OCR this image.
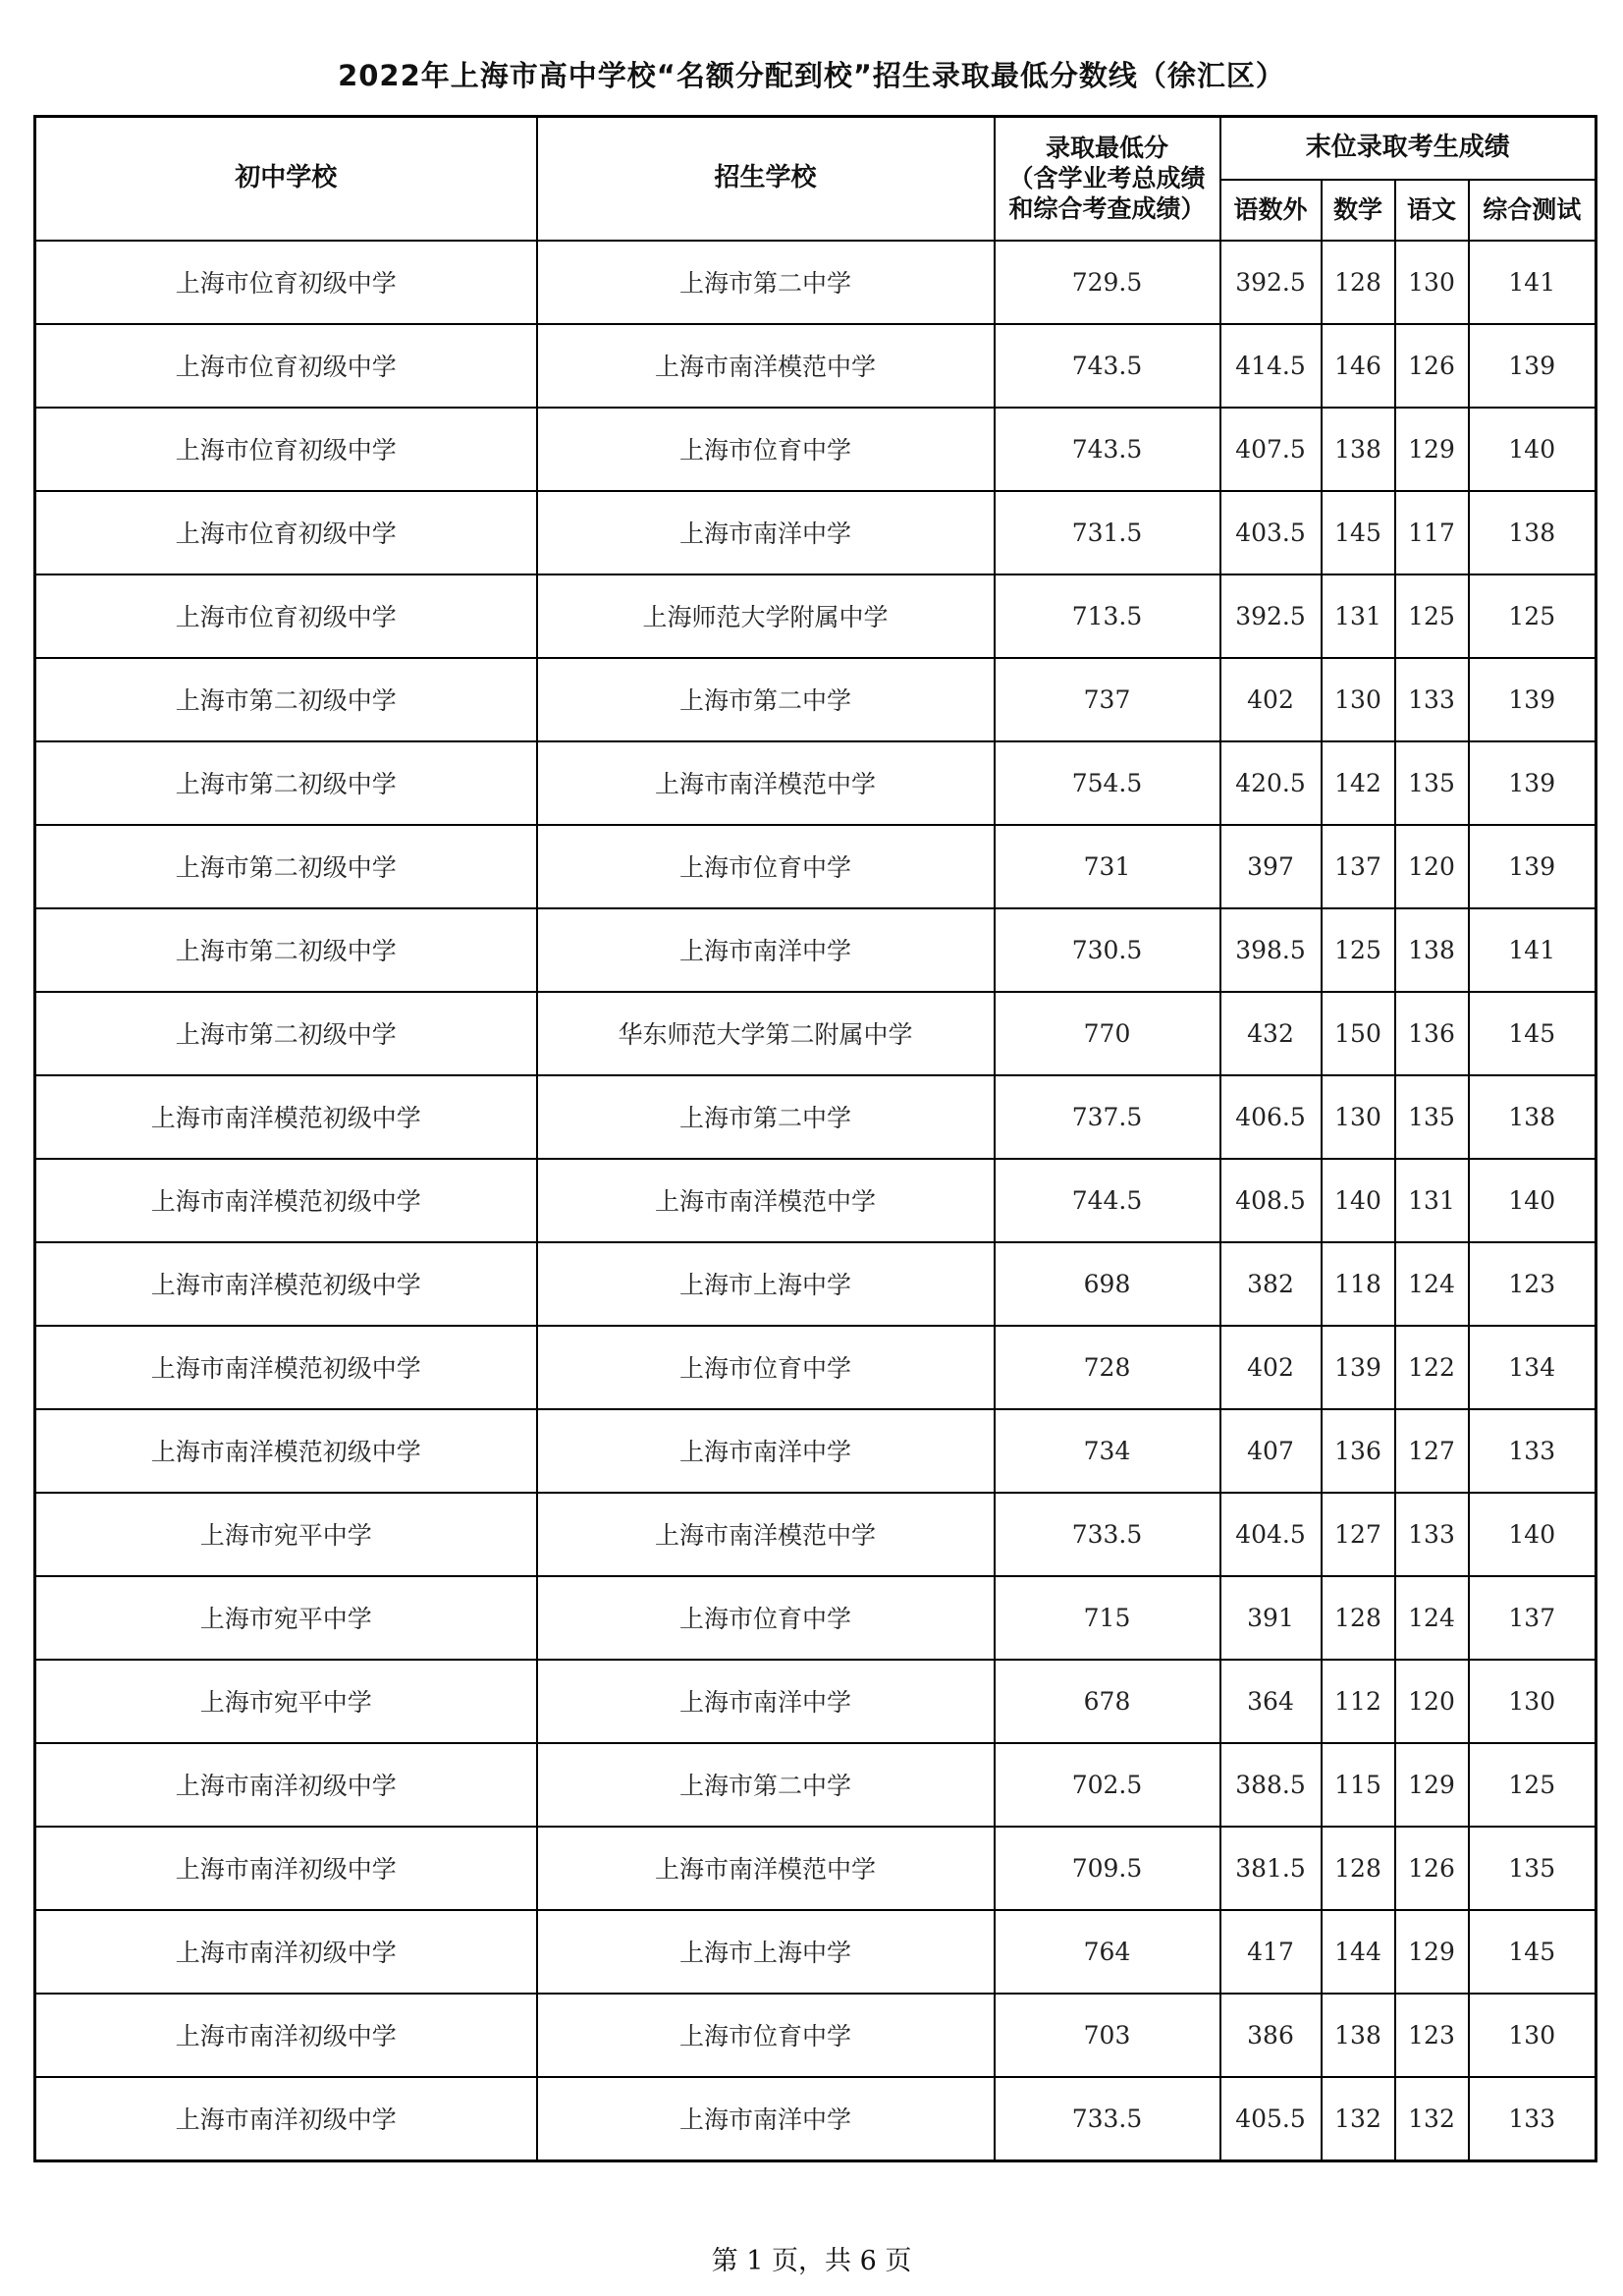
2022年上海市高中学校“名额分配到校”招生录取最低分数线（徐汇区）
初中学校	招生学校	录取最低分
（含学业考总成绩
和综合考查成绩）	末位录取考生成绩			
			语数外	数学	语文	综合测试
上海市位育初级中学	上海市第二中学	729.5	392.5	128	130	141
上海市位育初级中学	上海市南洋模范中学	743.5	414.5	146	126	139
上海市位育初级中学	上海市位育中学	743.5	407.5	138	129	140
上海市位育初级中学	上海市南洋中学	731.5	403.5	145	117	138
上海市位育初级中学	上海师范大学附属中学	713.5	392.5	131	125	125
上海市第二初级中学	上海市第二中学	737	402	130	133	139
上海市第二初级中学	上海市南洋模范中学	754.5	420.5	142	135	139
上海市第二初级中学	上海市位育中学	731	397	137	120	139
上海市第二初级中学	上海市南洋中学	730.5	398.5	125	138	141
上海市第二初级中学	华东师范大学第二附属中学	770	432	150	136	145
上海市南洋模范初级中学	上海市第二中学	737.5	406.5	130	135	138
上海市南洋模范初级中学	上海市南洋模范中学	744.5	408.5	140	131	140
上海市南洋模范初级中学	上海市上海中学	698	382	118	124	123
上海市南洋模范初级中学	上海市位育中学	728	402	139	122	134
上海市南洋模范初级中学	上海市南洋中学	734	407	136	127	133
上海市宛平中学	上海市南洋模范中学	733.5	404.5	127	133	140
上海市宛平中学	上海市位育中学	715	391	128	124	137
上海市宛平中学	上海市南洋中学	678	364	112	120	130
上海市南洋初级中学	上海市第二中学	702.5	388.5	115	129	125
上海市南洋初级中学	上海市南洋模范中学	709.5	381.5	128	126	135
上海市南洋初级中学	上海市上海中学	764	417	144	129	145
上海市南洋初级中学	上海市位育中学	703	386	138	123	130
上海市南洋初级中学	上海市南洋中学	733.5	405.5	132	132	133
第 1 页，共 6 页
